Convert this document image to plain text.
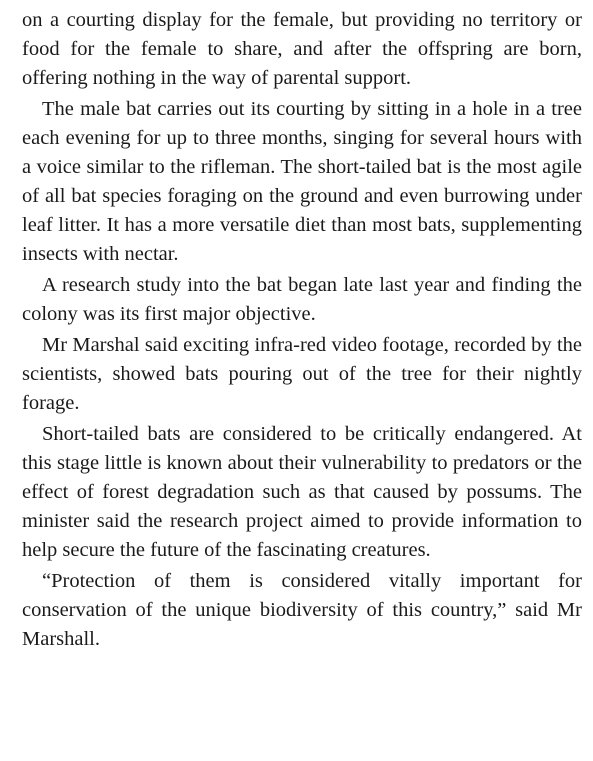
on a courting display for the female, but providing no territory or food for the female to share, and after the offspring are born, offering nothing in the way of parental support.

The male bat carries out its courting by sitting in a hole in a tree each evening for up to three months, singing for several hours with a voice similar to the rifleman. The short-tailed bat is the most agile of all bat species foraging on the ground and even burrowing under leaf litter. It has a more versatile diet than most bats, supplementing insects with nectar.

A research study into the bat began late last year and finding the colony was its first major objective.

Mr Marshal said exciting infra-red video footage, recorded by the scientists, showed bats pouring out of the tree for their nightly forage.

Short-tailed bats are considered to be critically endangered. At this stage little is known about their vulnerability to predators or the effect of forest degradation such as that caused by possums. The minister said the research project aimed to provide information to help secure the future of the fascinating creatures.

“Protection of them is considered vitally important for conservation of the unique biodiversity of this country,” said Mr Marshall.
